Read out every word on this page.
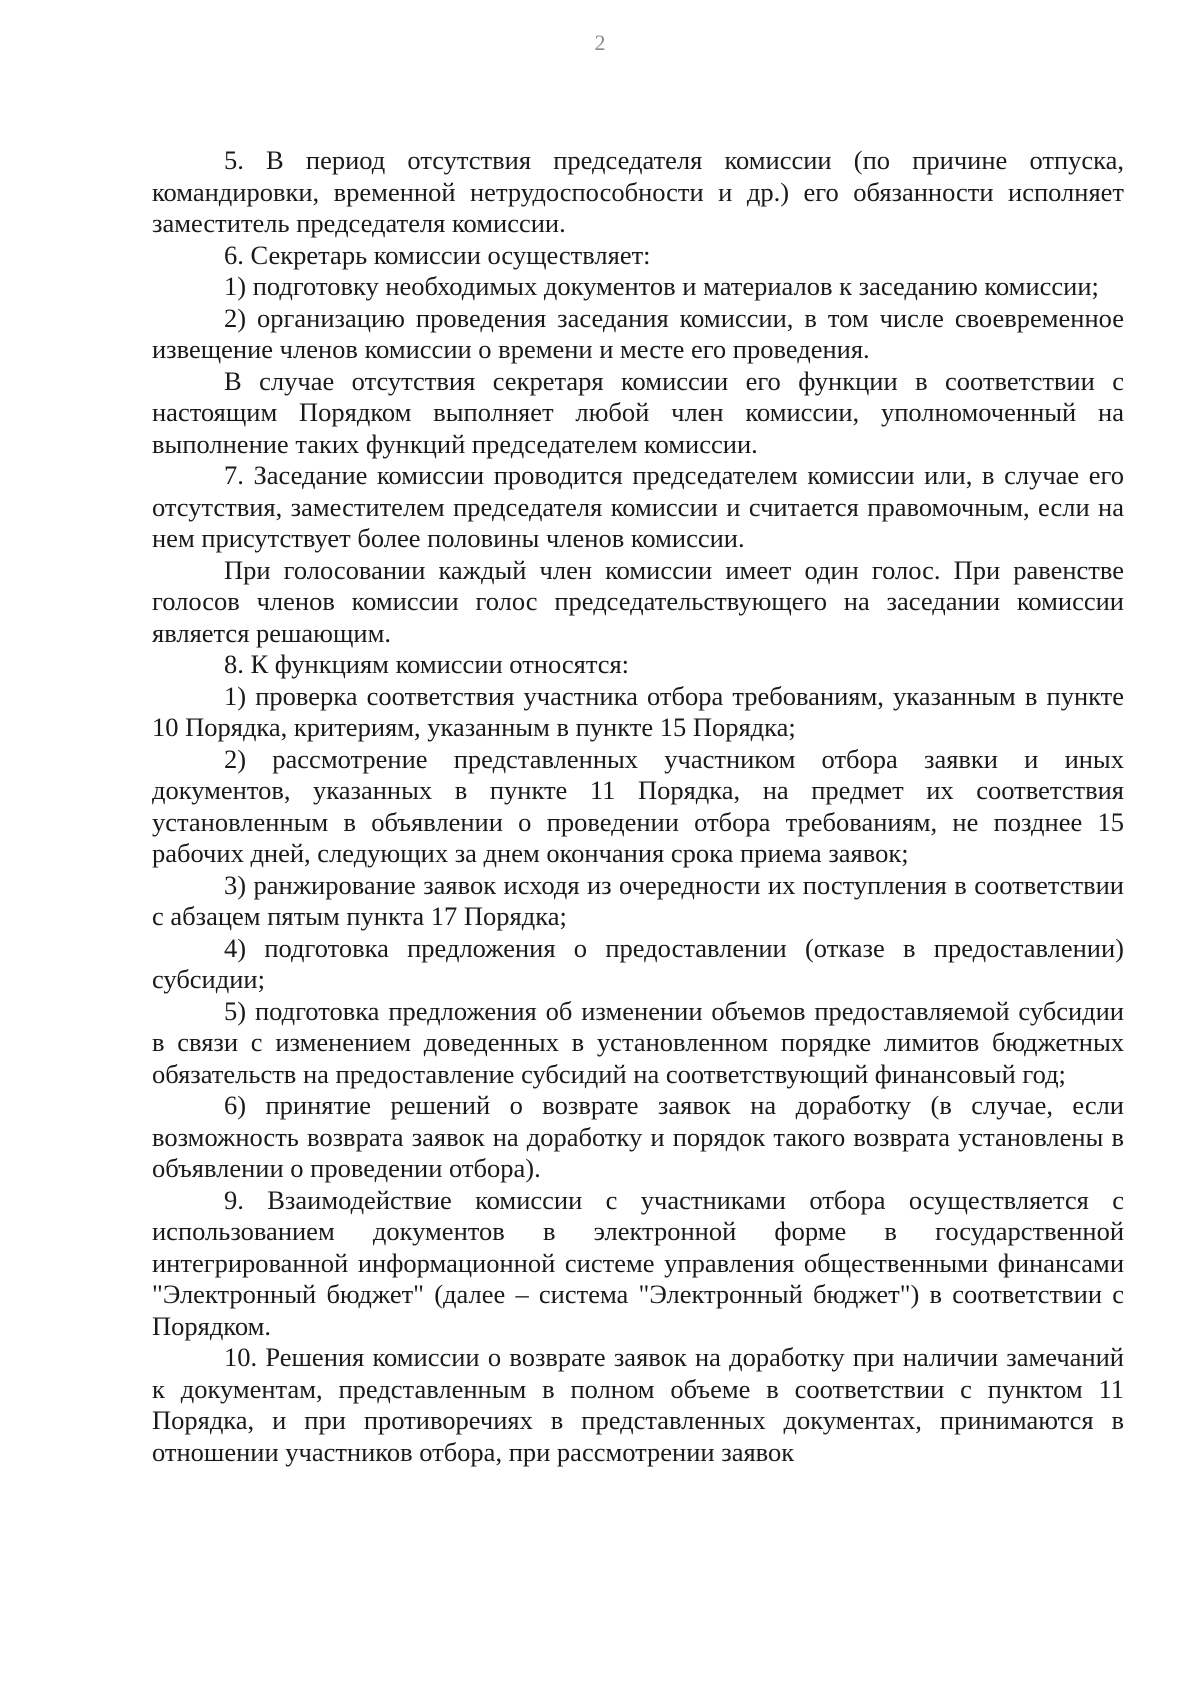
2

5. В период отсутствия председателя комиссии (по причине отпуска, командировки, временной нетрудоспособности и др.) его обязанности исполняет заместитель председателя комиссии.

6. Секретарь комиссии осуществляет:

1) подготовку необходимых документов и материалов к заседанию комиссии;

2) организацию проведения заседания комиссии, в том числе своевременное извещение членов комиссии о времени и месте его проведения.

В случае отсутствия секретаря комиссии его функции в соответствии с настоящим Порядком выполняет любой член комиссии, уполномоченный на выполнение таких функций председателем комиссии.

7. Заседание комиссии проводится председателем комиссии или, в случае его отсутствия, заместителем председателя комиссии и считается правомочным, если на нем присутствует более половины членов комиссии.

При голосовании каждый член комиссии имеет один голос. При равенстве голосов членов комиссии голос председательствующего на заседании комиссии является решающим.

8. К функциям комиссии относятся:

1) проверка соответствия участника отбора требованиям, указанным в пункте 10 Порядка, критериям, указанным в пункте 15 Порядка;

2) рассмотрение представленных участником отбора заявки и иных документов, указанных в пункте 11 Порядка, на предмет их соответствия установленным в объявлении о проведении отбора требованиям, не позднее 15 рабочих дней, следующих за днем окончания срока приема заявок;

3) ранжирование заявок исходя из очередности их поступления в соответствии с абзацем пятым пункта 17 Порядка;

4) подготовка предложения о предоставлении (отказе в предоставлении) субсидии;

5) подготовка предложения об изменении объемов предоставляемой субсидии в связи с изменением доведенных в установленном порядке лимитов бюджетных обязательств на предоставление субсидий на соответствующий финансовый год;

6) принятие решений о возврате заявок на доработку (в случае, если возможность возврата заявок на доработку и порядок такого возврата установлены в объявлении о проведении отбора).

9. Взаимодействие комиссии с участниками отбора осуществляется с использованием документов в электронной форме в государственной интегрированной информационной системе управления общественными финансами "Электронный бюджет" (далее – система "Электронный бюджет") в соответствии с Порядком.

10. Решения комиссии о возврате заявок на доработку при наличии замечаний к документам, представленным в полном объеме в соответствии с пунктом 11 Порядка, и при противоречиях в представленных документах, принимаются в отношении участников отбора, при рассмотрении заявок
